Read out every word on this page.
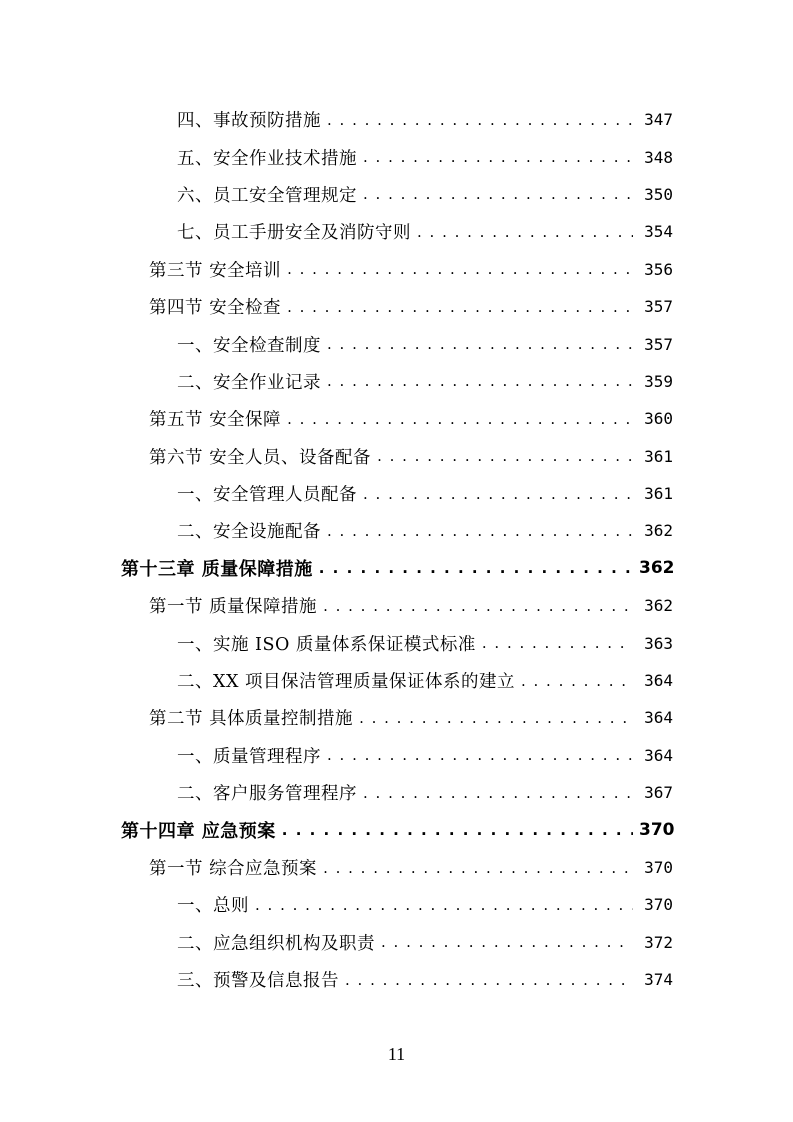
四、事故预防措施 . . .	347
五、安全作业技术措施 . . .	348
六、员工安全管理规定 . . .	350
七、员工手册安全及消防守则 . . .	354
第三节 安全培训 . . .	356
第四节 安全检查 . . .	357
一、安全检查制度 . . .	357
二、安全作业记录 . . .	359
第五节 安全保障 . . .	360
第六节 安全人员、设备配备 . . .	361
一、安全管理人员配备 . . .	361
二、安全设施配备 . . .	362
第十三章 质量保障措施 . . .	362
第一节 质量保障措施 . . .	362
一、实施 ISO 质量体系保证模式标准 . . .	363
二、XX 项目保洁管理质量保证体系的建立 . . .	364
第二节 具体质量控制措施 . . .	364
一、质量管理程序 . . .	364
二、客户服务管理程序 . . .	367
第十四章 应急预案 . . .	370
第一节 综合应急预案 . . .	370
一、总则 . . .	370
二、应急组织机构及职责 . . .	372
三、预警及信息报告 . . .	374
11
